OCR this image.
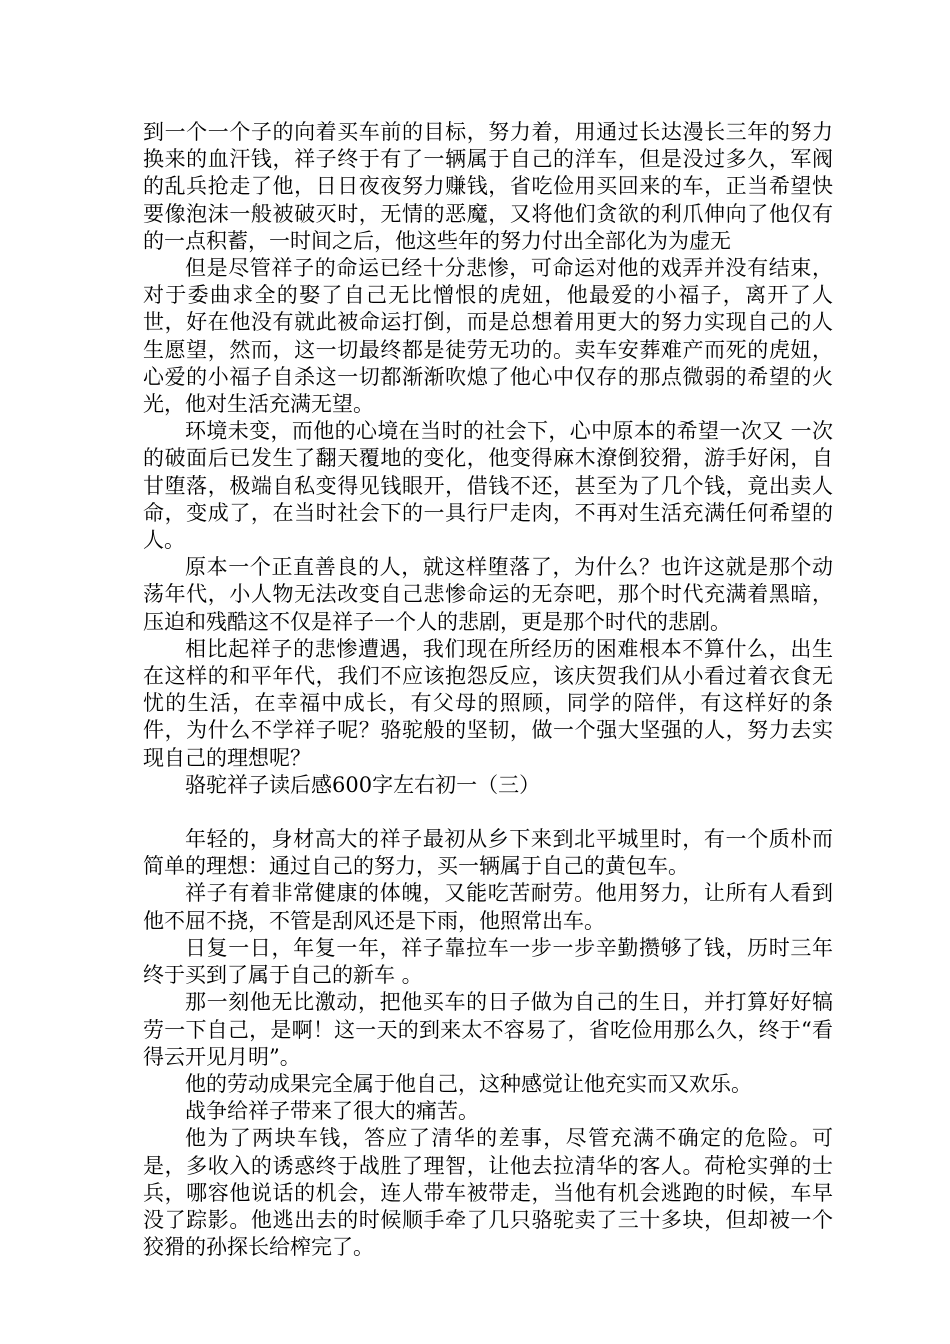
到一个一个子的向着买车前的目标，努力着，用通过长达漫长三年的努力换来的血汗钱，祥子终于有了一辆属于自己的洋车，但是没过多久，军阀的乱兵抢走了他，日日夜夜努力赚钱，省吃俭用买回来的车，正当希望快要像泡沫一般被破灭时，无情的恶魔，又将他们贪欲的利爪伸向了他仅有的一点积蓄，一时间之后，他这些年的努力付出全部化为为虚无

但是尽管祥子的命运已经十分悲惨，可命运对他的戏弄并没有结束，对于委曲求全的娶了自己无比憎恨的虎妞，他最爱的小福子，离开了人世，好在他没有就此被命运打倒，而是总想着用更大的努力实现自己的人生愿望，然而，这一切最终都是徒劳无功的。卖车安葬难产而死的虎妞，心爱的小福子自杀这一切都渐渐吹熄了他心中仅存的那点微弱的希望的火光，他对生活充满无望。

环境未变，而他的心境在当时的社会下，心中原本的希望一次又 一次的破面后已发生了翻天覆地的变化，他变得麻木潦倒狡猾，游手好闲，自甘堕落，极端自私变得见钱眼开，借钱不还，甚至为了几个钱，竟出卖人命，变成了，在当时社会下的一具行尸走肉，不再对生活充满任何希望的人。

原本一个正直善良的人，就这样堕落了，为什么？也许这就是那个动荡年代，小人物无法改变自己悲惨命运的无奈吧，那个时代充满着黑暗，压迫和残酷这不仅是祥子一个人的悲剧，更是那个时代的悲剧。

相比起祥子的悲惨遭遇，我们现在所经历的困难根本不算什么，出生在这样的和平年代，我们不应该抱怨反应，该庆贺我们从小看过着衣食无忧的生活，在幸福中成长，有父母的照顾，同学的陪伴，有这样好的条件，为什么不学祥子呢？骆驼般的坚韧，做一个强大坚强的人，努力去实现自己的理想呢？

骆驼祥子读后感600字左右初一（三）

年轻的，身材高大的祥子最初从乡下来到北平城里时，有一个质朴而简单的理想：通过自己的努力，买一辆属于自己的黄包车。

祥子有着非常健康的体魄，又能吃苦耐劳。他用努力，让所有人看到他不屈不挠，不管是刮风还是下雨，他照常出车。

日复一日，年复一年，祥子靠拉车一步一步辛勤攒够了钱，历时三年终于买到了属于自己的新车 。

那一刻他无比激动，把他买车的日子做为自己的生日，并打算好好犒劳一下自己，是啊！这一天的到来太不容易了，省吃俭用那么久，终于“看得云开见月明”。

他的劳动成果完全属于他自己，这种感觉让他充实而又欢乐。

战争给祥子带来了很大的痛苦。

他为了两块车钱，答应了清华的差事，尽管充满不确定的危险。可是，多收入的诱惑终于战胜了理智，让他去拉清华的客人。荷枪实弹的士兵，哪容他说话的机会，连人带车被带走，当他有机会逃跑的时候，车早没了踪影。他逃出去的时候顺手牵了几只骆驼卖了三十多块，但却被一个狡猾的孙探长给榨完了。
